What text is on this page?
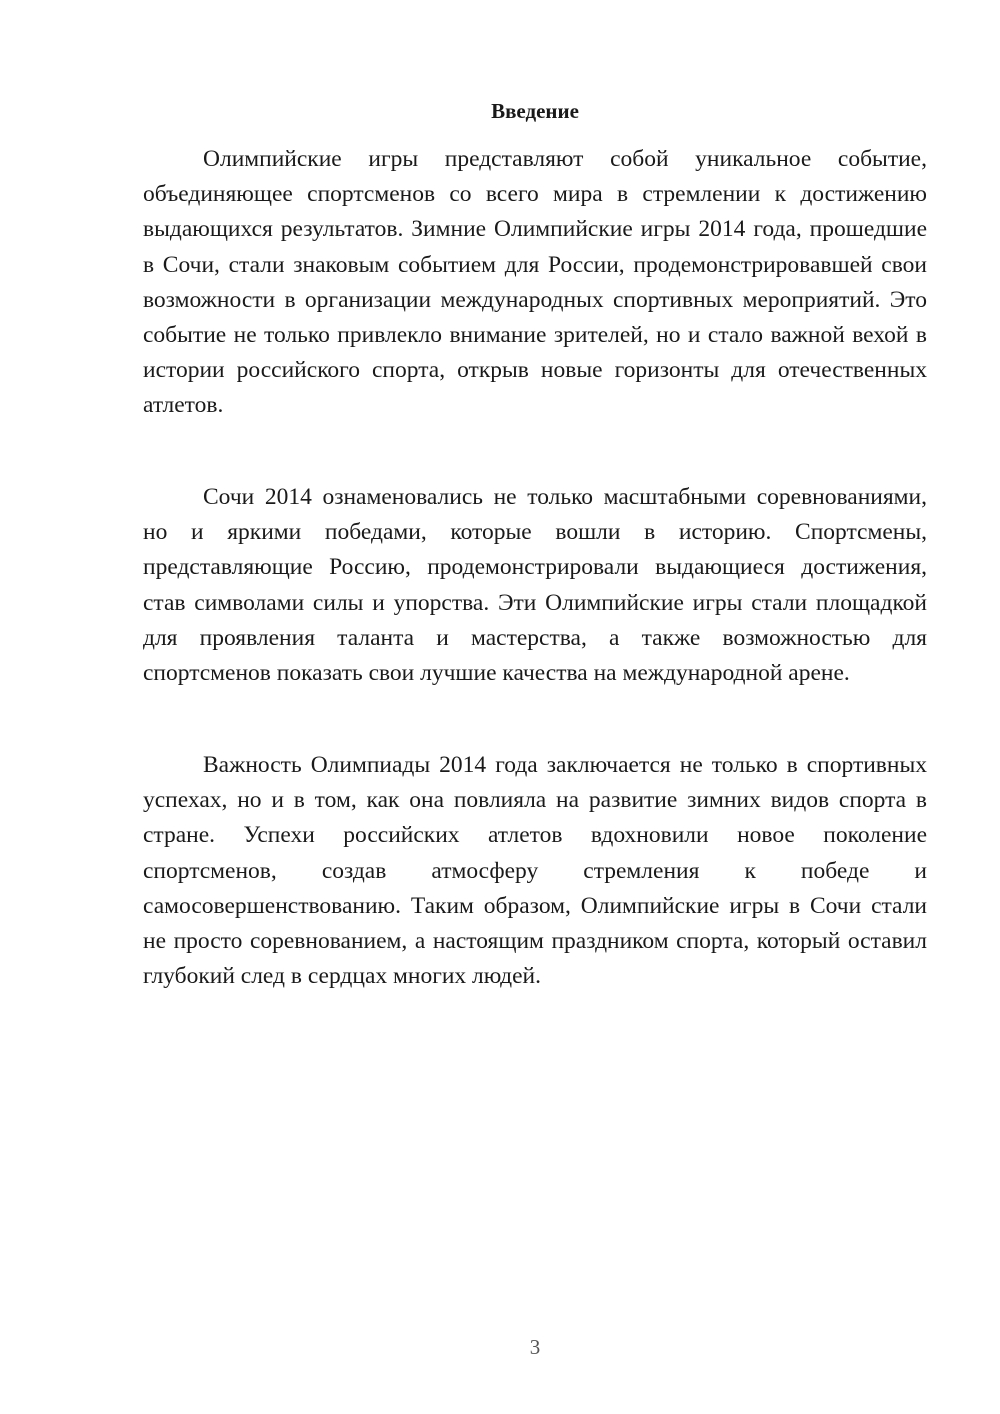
Введение

Олимпийские игры представляют собой уникальное событие, объединяющее спортсменов со всего мира в стремлении к достижению выдающихся результатов. Зимние Олимпийские игры 2014 года, прошедшие в Сочи, стали знаковым событием для России, продемонстрировавшей свои возможности в организации международных спортивных мероприятий. Это событие не только привлекло внимание зрителей, но и стало важной вехой в истории российского спорта, открыв новые горизонты для отечественных атлетов.

Сочи 2014 ознаменовались не только масштабными соревнованиями, но и яркими победами, которые вошли в историю. Спортсмены, представляющие Россию, продемонстрировали выдающиеся достижения, став символами силы и упорства. Эти Олимпийские игры стали площадкой для проявления таланта и мастерства, а также возможностью для спортсменов показать свои лучшие качества на международной арене.

Важность Олимпиады 2014 года заключается не только в спортивных успехах, но и в том, как она повлияла на развитие зимних видов спорта в стране. Успехи российских атлетов вдохновили новое поколение спортсменов, создав атмосферу стремления к победе и самосовершенствованию. Таким образом, Олимпийские игры в Сочи стали не просто соревнованием, а настоящим праздником спорта, который оставил глубокий след в сердцах многих людей.

3
